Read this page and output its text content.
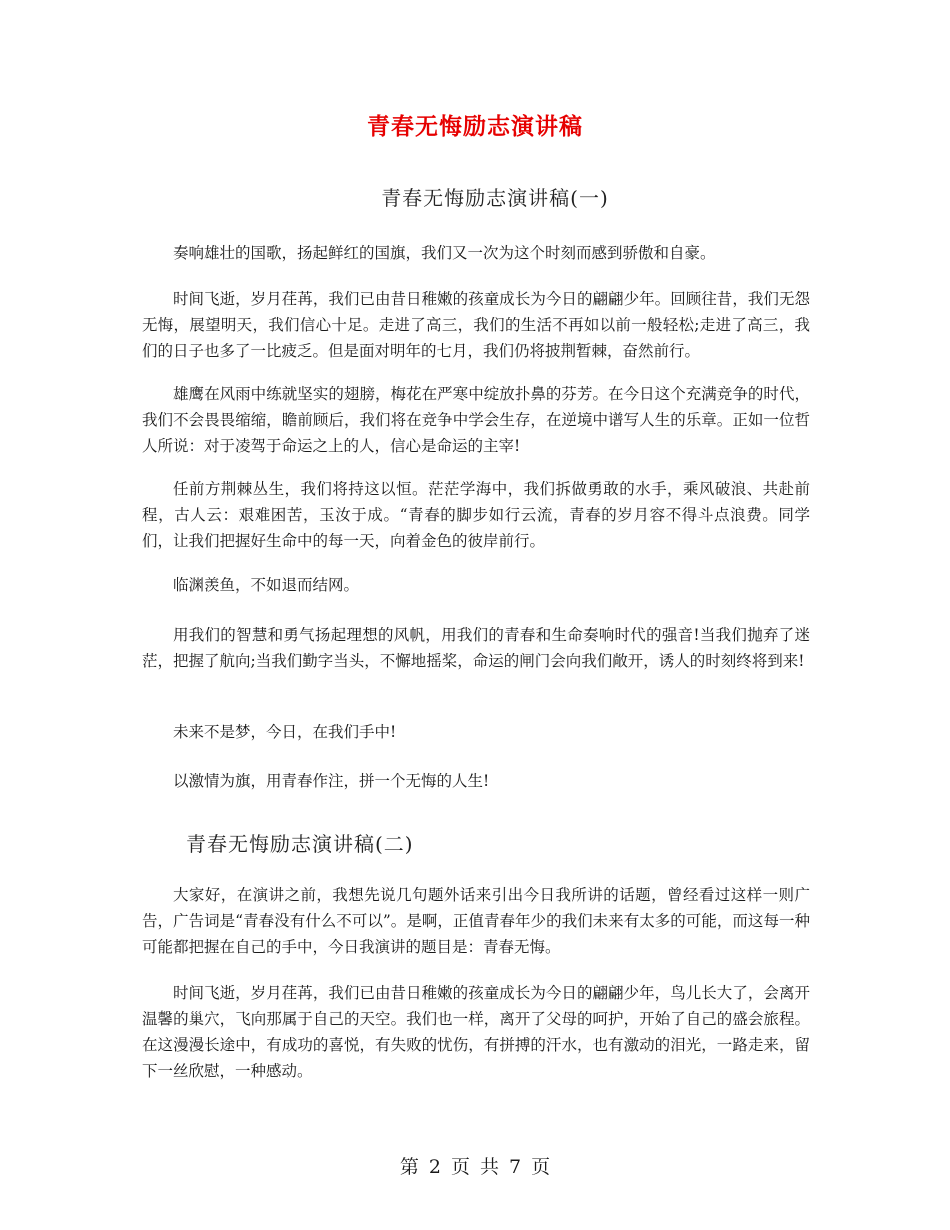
青春无悔励志演讲稿
青春无悔励志演讲稿(一)

奏响雄壮的国歌，扬起鲜红的国旗，我们又一次为这个时刻而感到骄傲和自豪。

时间飞逝，岁月荏苒，我们已由昔日稚嫩的孩童成长为今日的翩翩少年。回顾往昔，我们无怨无悔，展望明天，我们信心十足。走进了高三，我们的生活不再如以前一般轻松;走进了高三，我们的日子也多了一比疲乏。但是面对明年的七月，我们仍将披荆暂棘，奋然前行。

雄鹰在风雨中练就坚实的翅膀，梅花在严寒中绽放扑鼻的芬芳。在今日这个充满竞争的时代，我们不会畏畏缩缩，瞻前顾后，我们将在竞争中学会生存，在逆境中谱写人生的乐章。正如一位哲人所说：对于凌驾于命运之上的人，信心是命运的主宰!

任前方荆棘丛生，我们将持这以恒。茫茫学海中，我们拆做勇敢的水手，乘风破浪、共赴前程，古人云：艰难困苦，玉汝于成。“青春的脚步如行云流，青春的岁月容不得斗点浪费。同学们，让我们把握好生命中的每一天，向着金色的彼岸前行。

临渊羡鱼，不如退而结网。

用我们的智慧和勇气扬起理想的风帆，用我们的青春和生命奏响时代的强音!当我们抛弃了迷茫，把握了航向;当我们勤字当头，不懈地摇桨，命运的闸门会向我们敞开，诱人的时刻终将到来!

未来不是梦，今日，在我们手中!

以激情为旗，用青春作注，拼一个无悔的人生!

青春无悔励志演讲稿(二)

大家好，在演讲之前，我想先说几句题外话来引出今日我所讲的话题，曾经看过这样一则广告，广告词是“青春没有什么不可以”。是啊，正值青春年少的我们未来有太多的可能，而这每一种可能都把握在自己的手中，今日我演讲的题目是：青春无悔。

时间飞逝，岁月荏苒，我们已由昔日稚嫩的孩童成长为今日的翩翩少年，鸟儿长大了，会离开温馨的巢穴，飞向那属于自己的天空。我们也一样，离开了父母的呵护，开始了自己的盛会旅程。在这漫漫长途中，有成功的喜悦，有失败的忧伤，有拼搏的汗水，也有激动的泪光，一路走来，留下一丝欣慰，一种感动。

第 2 页 共 7 页
